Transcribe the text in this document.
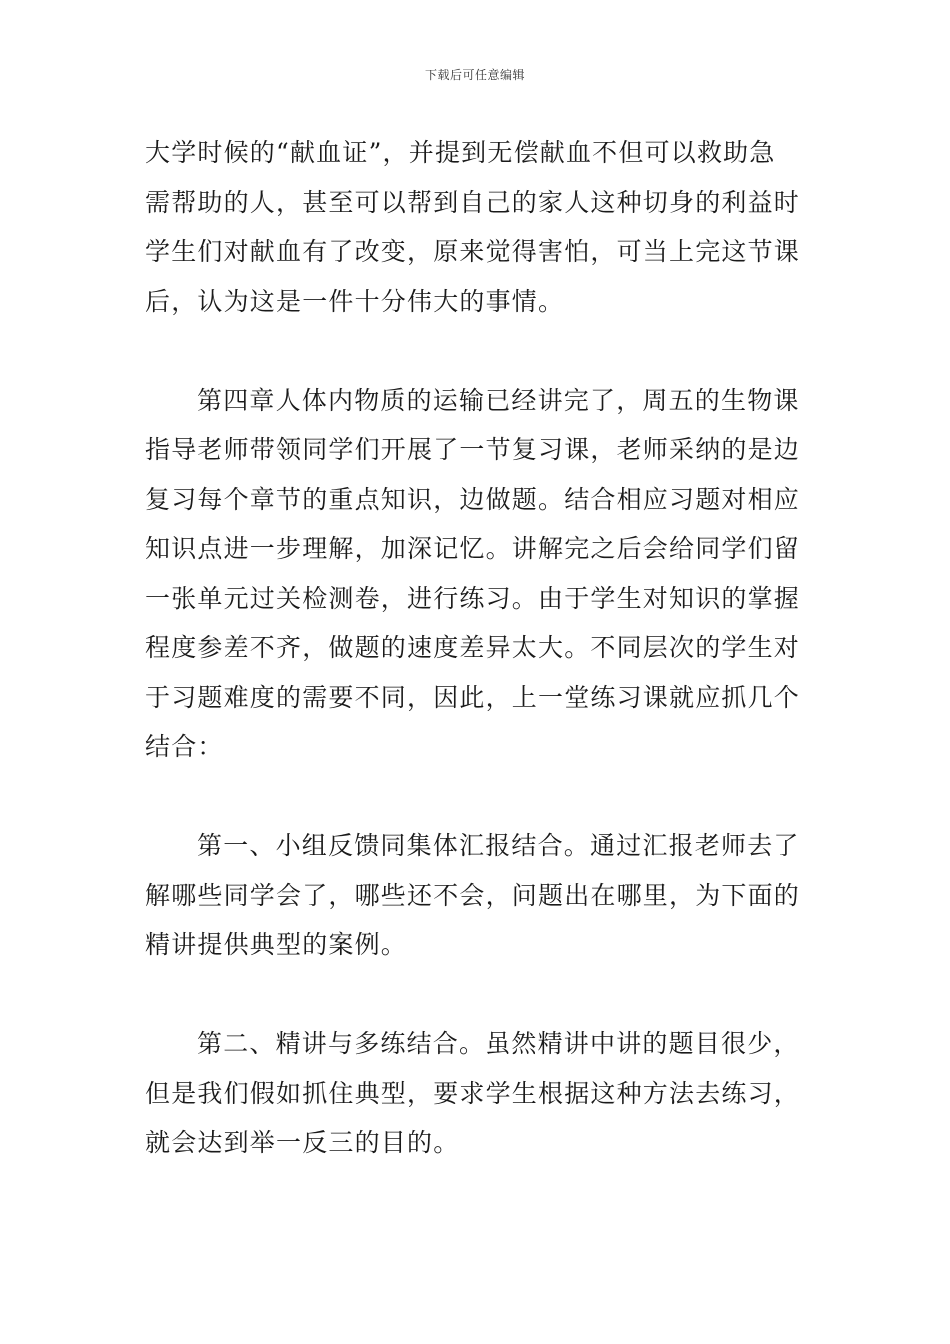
下载后可任意编辑
大学时候的“献血证”，并提到无偿献血不但可以救助急
需帮助的人，甚至可以帮到自己的家人这种切身的利益时
学生们对献血有了改变，原来觉得害怕，可当上完这节课
后，认为这是一件十分伟大的事情。
第四章人体内物质的运输已经讲完了，周五的生物课
指导老师带领同学们开展了一节复习课，老师采纳的是边
复习每个章节的重点知识，边做题。结合相应习题对相应
知识点进一步理解，加深记忆。讲解完之后会给同学们留
一张单元过关检测卷，进行练习。由于学生对知识的掌握
程度参差不齐，做题的速度差异太大。不同层次的学生对
于习题难度的需要不同，因此，上一堂练习课就应抓几个
结合：
第一、小组反馈同集体汇报结合。通过汇报老师去了
解哪些同学会了，哪些还不会，问题出在哪里，为下面的
精讲提供典型的案例。
第二、精讲与多练结合。虽然精讲中讲的题目很少，
但是我们假如抓住典型，要求学生根据这种方法去练习，
就会达到举一反三的目的。
